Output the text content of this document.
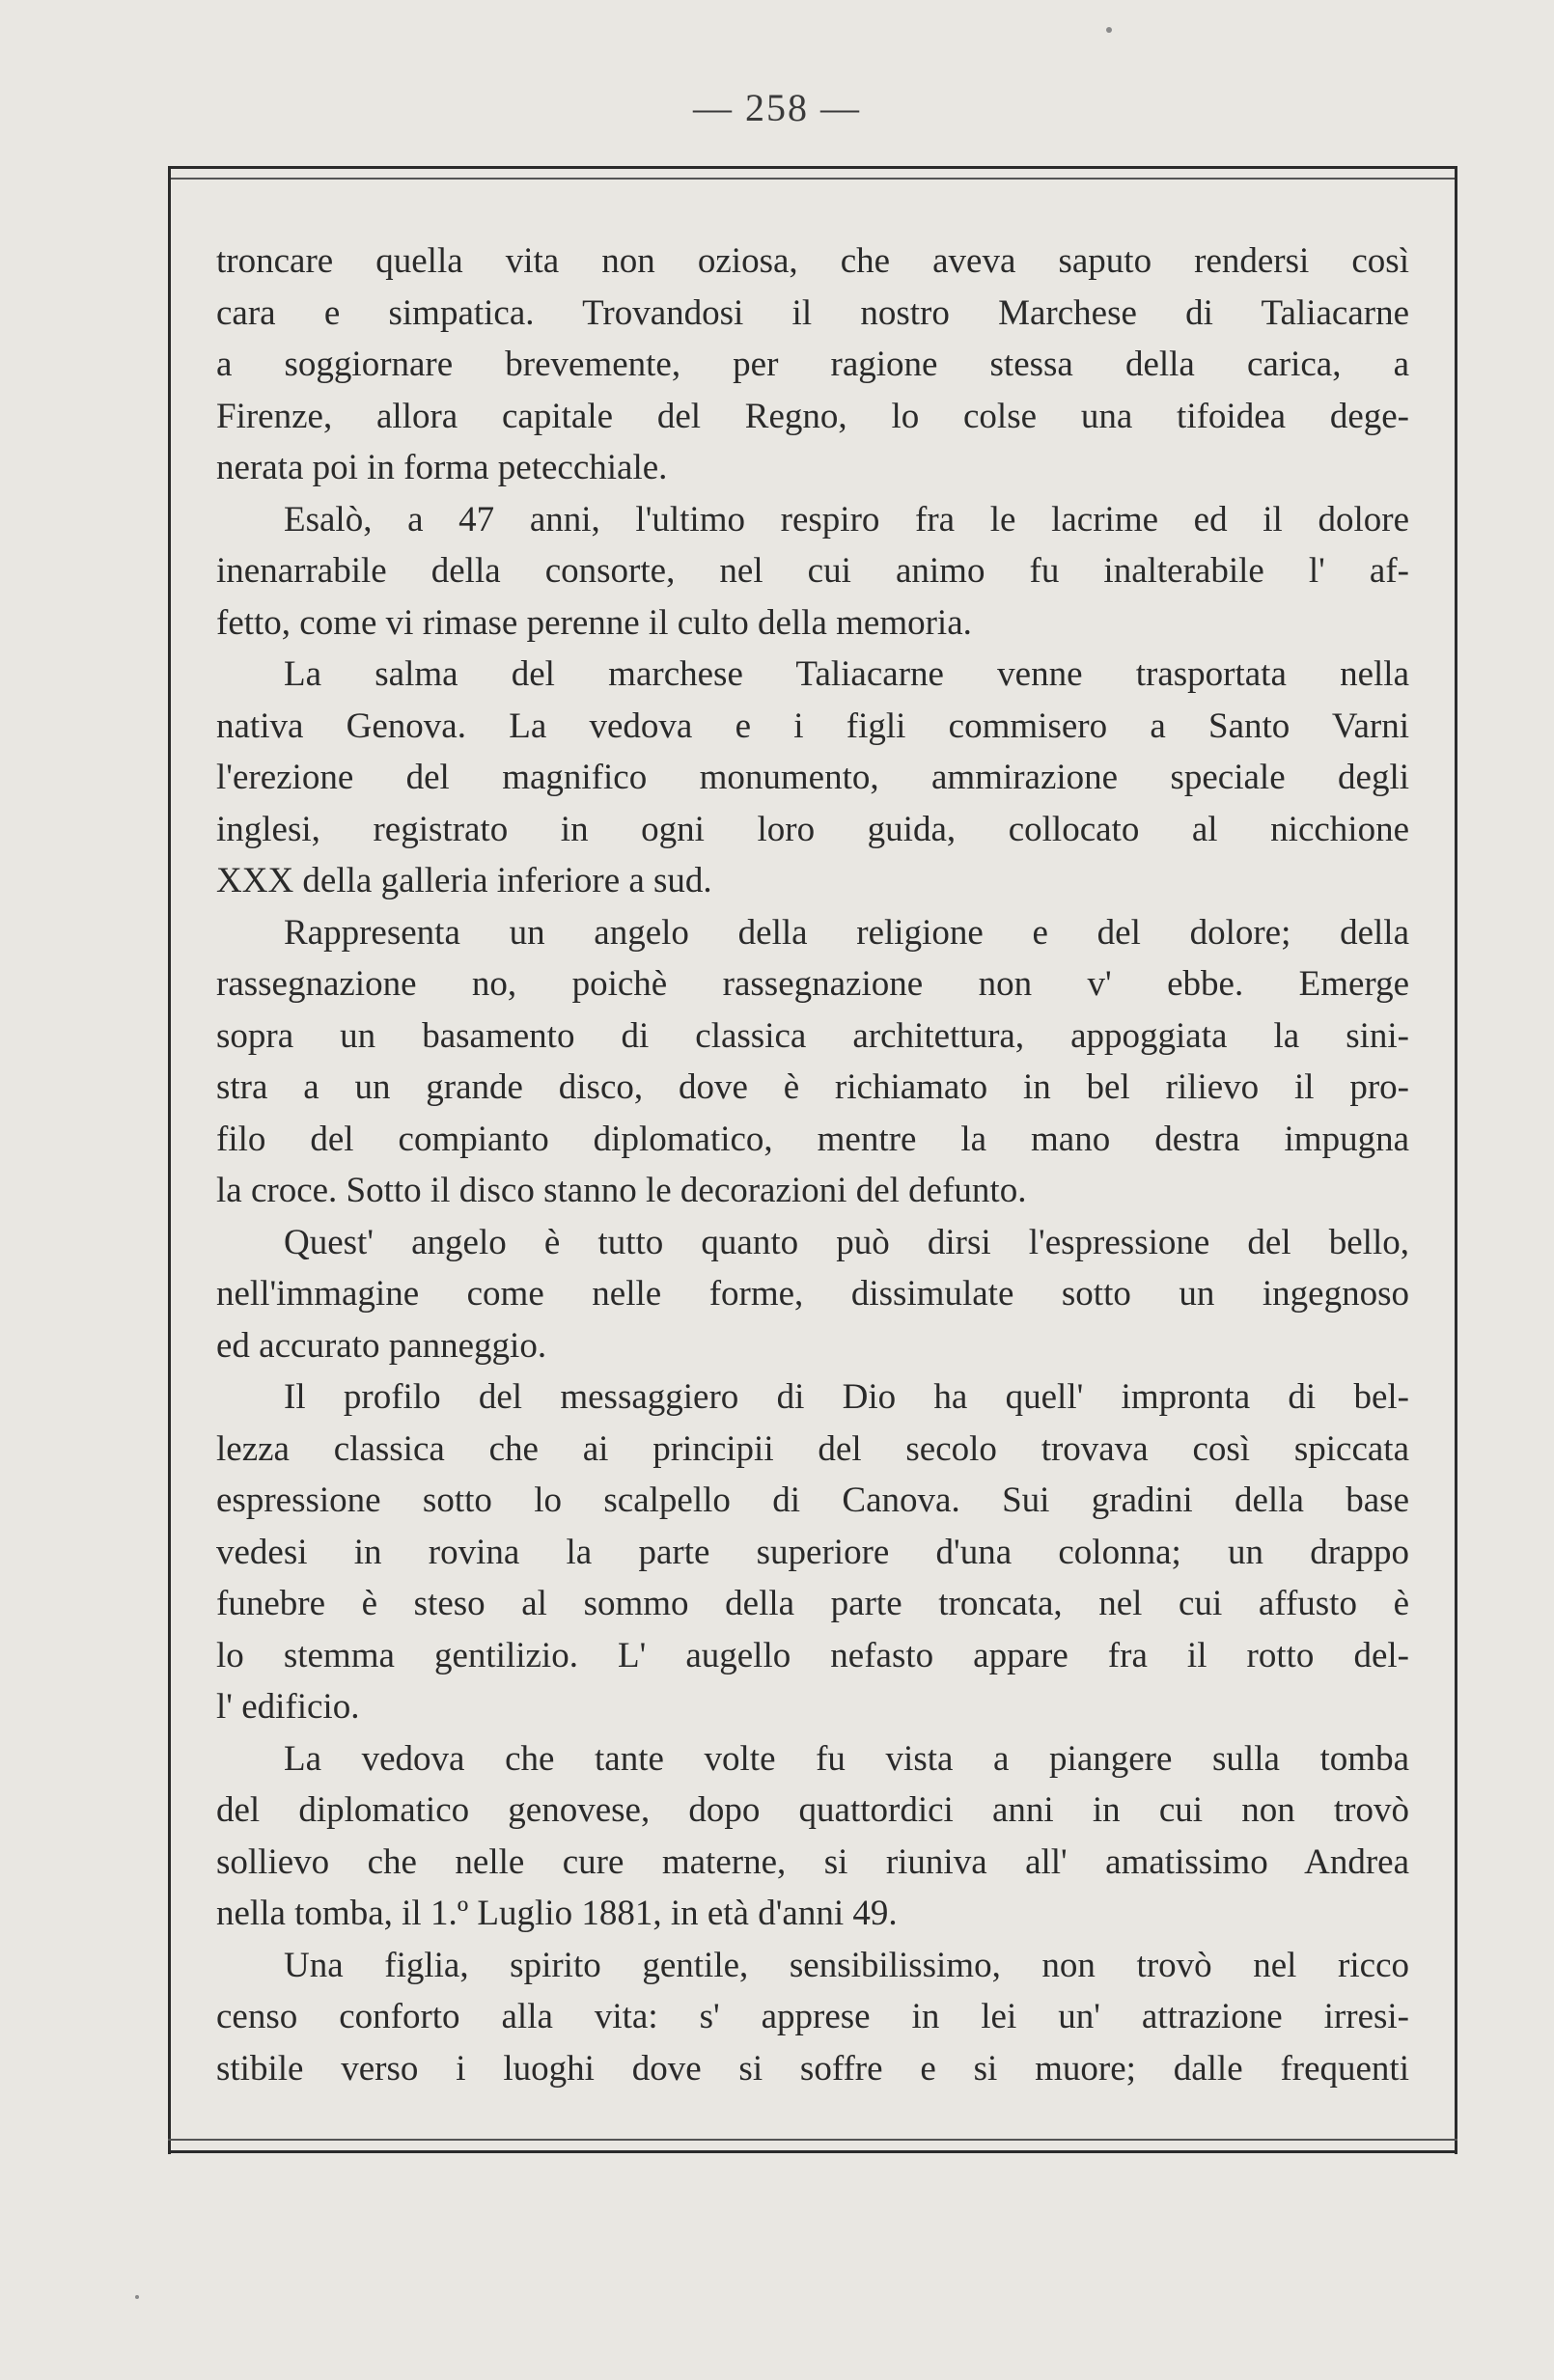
— 258 —
troncare quella vita non oziosa, che aveva saputo rendersi così
cara e simpatica. Trovandosi il nostro Marchese di Taliacarne
a soggiornare brevemente, per ragione stessa della carica, a
Firenze, allora capitale del Regno, lo colse una tifoidea dege-
nerata poi in forma petecchiale.
Esalò, a 47 anni, l'ultimo respiro fra le lacrime ed il dolore
inenarrabile della consorte, nel cui animo fu inalterabile l' af-
fetto, come vi rimase perenne il culto della memoria.
La salma del marchese Taliacarne venne trasportata nella
nativa Genova. La vedova e i figli commisero a Santo Varni
l'erezione del magnifico monumento, ammirazione speciale degli
inglesi, registrato in ogni loro guida, collocato al nicchione
XXX della galleria inferiore a sud.
Rappresenta un angelo della religione e del dolore; della
rassegnazione no, poichè rassegnazione non v' ebbe. Emerge
sopra un basamento di classica architettura, appoggiata la sini-
stra a un grande disco, dove è richiamato in bel rilievo il pro-
filo del compianto diplomatico, mentre la mano destra impugna
la croce. Sotto il disco stanno le decorazioni del defunto.
Quest' angelo è tutto quanto può dirsi l'espressione del bello,
nell'immagine come nelle forme, dissimulate sotto un ingegnoso
ed accurato panneggio.
Il profilo del messaggiero di Dio ha quell' impronta di bel-
lezza classica che ai principii del secolo trovava così spiccata
espressione sotto lo scalpello di Canova. Sui gradini della base
vedesi in rovina la parte superiore d'una colonna; un drappo
funebre è steso al sommo della parte troncata, nel cui affusto è
lo stemma gentilizio. L' augello nefasto appare fra il rotto del-
l' edificio.
La vedova che tante volte fu vista a piangere sulla tomba
del diplomatico genovese, dopo quattordici anni in cui non trovò
sollievo che nelle cure materne, si riuniva all' amatissimo Andrea
nella tomba, il 1.º Luglio 1881, in età d'anni 49.
Una figlia, spirito gentile, sensibilissimo, non trovò nel ricco
censo conforto alla vita: s' apprese in lei un' attrazione irresi-
stibile verso i luoghi dove si soffre e si muore; dalle frequenti
